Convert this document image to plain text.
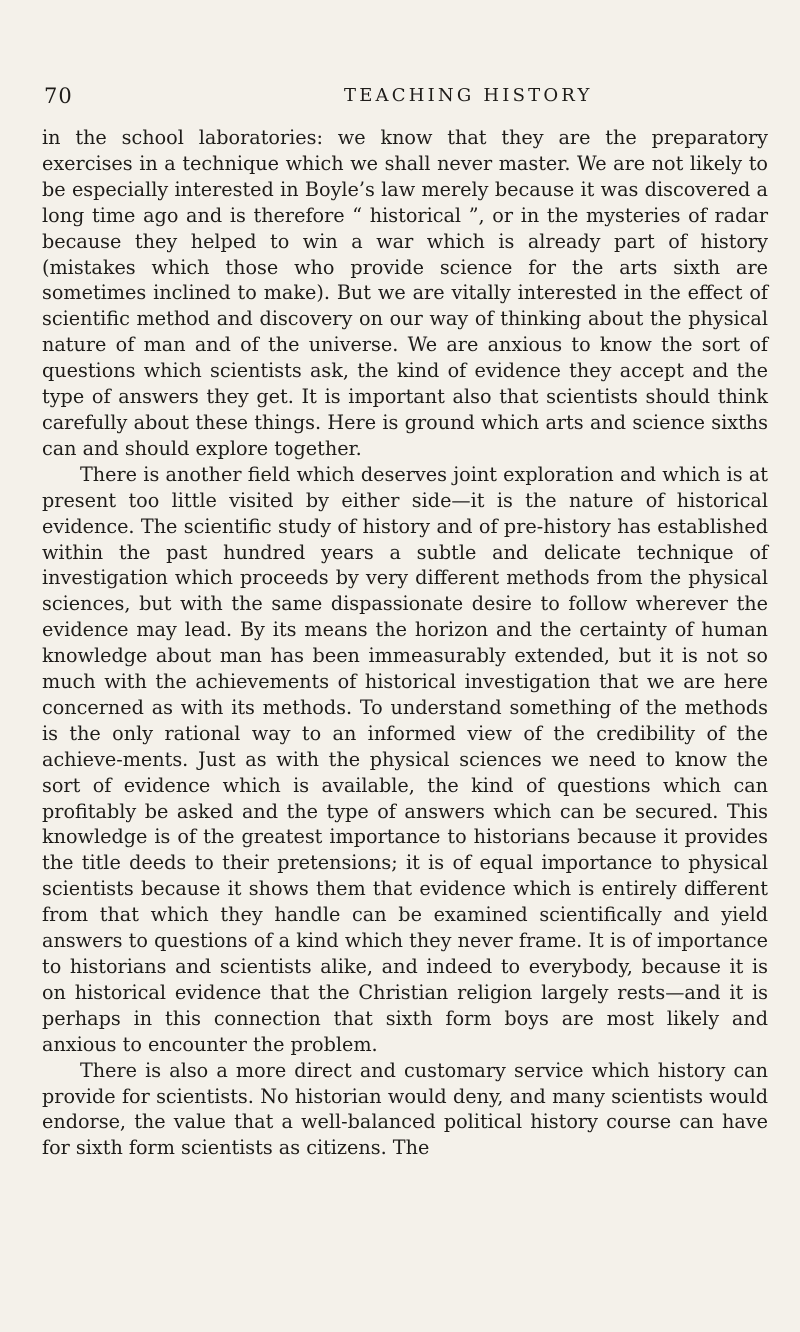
70	TEACHING HISTORY

in the school laboratories: we know that they are the preparatory exercises in a technique which we shall never master. We are not likely to be especially interested in Boyle’s law merely because it was discovered a long time ago and is therefore “ historical ”, or in the mysteries of radar because they helped to win a war which is already part of history (mistakes which those who provide science for the arts sixth are sometimes inclined to make). But we are vitally interested in the effect of scientific method and discovery on our way of thinking about the physical nature of man and of the universe. We are anxious to know the sort of questions which scientists ask, the kind of evidence they accept and the type of answers they get. It is important also that scientists should think carefully about these things. Here is ground which arts and science sixths can and should explore together.

There is another field which deserves joint exploration and which is at present too little visited by either side—it is the nature of historical evidence. The scientific study of history and of pre-history has established within the past hundred years a subtle and delicate technique of investigation which proceeds by very different methods from the physical sciences, but with the same dispassionate desire to follow wherever the evidence may lead. By its means the horizon and the certainty of human knowledge about man has been immeasurably extended, but it is not so much with the achievements of historical investigation that we are here concerned as with its methods. To understand something of the methods is the only rational way to an informed view of the credibility of the achieve-ments. Just as with the physical sciences we need to know the sort of evidence which is available, the kind of questions which can profitably be asked and the type of answers which can be secured. This knowledge is of the greatest importance to historians because it provides the title deeds to their pretensions; it is of equal importance to physical scientists because it shows them that evidence which is entirely different from that which they handle can be examined scientifically and yield answers to questions of a kind which they never frame. It is of importance to historians and scientists alike, and indeed to everybody, because it is on historical evidence that the Christian religion largely rests—and it is perhaps in this connection that sixth form boys are most likely and anxious to encounter the problem.

There is also a more direct and customary service which history can provide for scientists. No historian would deny, and many scientists would endorse, the value that a well-balanced political history course can have for sixth form scientists as citizens. The
